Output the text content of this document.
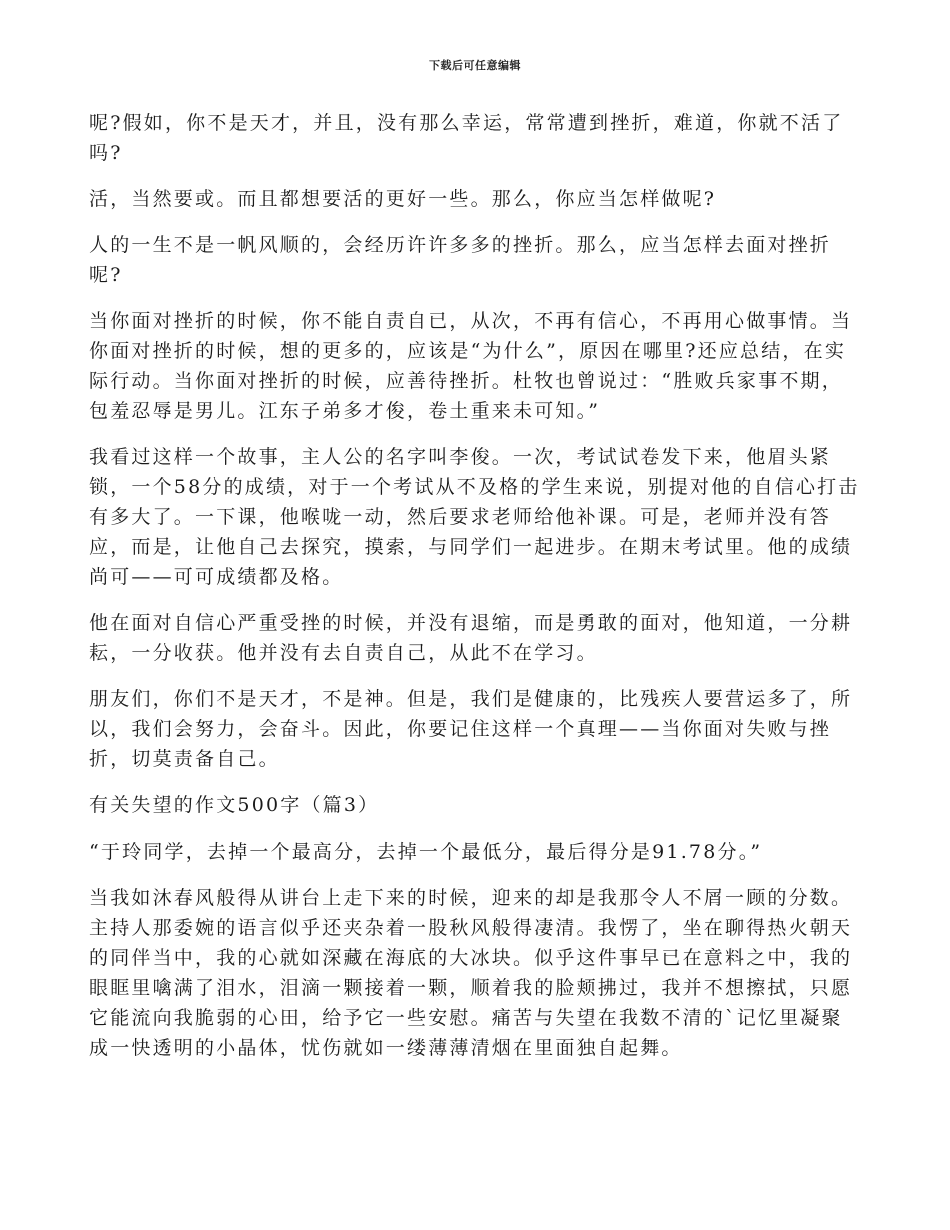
下载后可任意编辑

呢?假如，你不是天才，并且，没有那么幸运，常常遭到挫折，难道，你就不活了吗?

活，当然要或。而且都想要活的更好一些。那么，你应当怎样做呢?

人的一生不是一帆风顺的，会经历许许多多的挫折。那么，应当怎样去面对挫折呢?

当你面对挫折的时候，你不能自责自已，从次，不再有信心，不再用心做事情。当你面对挫折的时候，想的更多的，应该是“为什么”，原因在哪里?还应总结，在实际行动。当你面对挫折的时候，应善待挫折。杜牧也曾说过：“胜败兵家事不期，包羞忍辱是男儿。江东子弟多才俊，卷土重来未可知。”

我看过这样一个故事，主人公的名字叫李俊。一次，考试试卷发下来，他眉头紧锁，一个58分的成绩，对于一个考试从不及格的学生来说，别提对他的自信心打击有多大了。一下课，他喉咙一动，然后要求老师给他补课。可是，老师并没有答应，而是，让他自己去探究，摸索，与同学们一起进步。在期末考试里。他的成绩尚可——可可成绩都及格。

他在面对自信心严重受挫的时候，并没有退缩，而是勇敢的面对，他知道，一分耕耘，一分收获。他并没有去自责自己，从此不在学习。

朋友们，你们不是天才，不是神。但是，我们是健康的，比残疾人要营运多了，所以，我们会努力，会奋斗。因此，你要记住这样一个真理——当你面对失败与挫折，切莫责备自己。

有关失望的作文500字（篇3）

“于玲同学，去掉一个最高分，去掉一个最低分，最后得分是91.78分。”

当我如沐春风般得从讲台上走下来的时候，迎来的却是我那令人不屑一顾的分数。主持人那委婉的语言似乎还夹杂着一股秋风般得凄清。我愣了，坐在聊得热火朝天的同伴当中，我的心就如深藏在海底的大冰块。似乎这件事早已在意料之中，我的眼眶里噙满了泪水，泪滴一颗接着一颗，顺着我的脸颊拂过，我并不想擦拭，只愿它能流向我脆弱的心田，给予它一些安慰。痛苦与失望在我数不清的`记忆里凝聚成一快透明的小晶体，忧伤就如一缕薄薄清烟在里面独自起舞。
